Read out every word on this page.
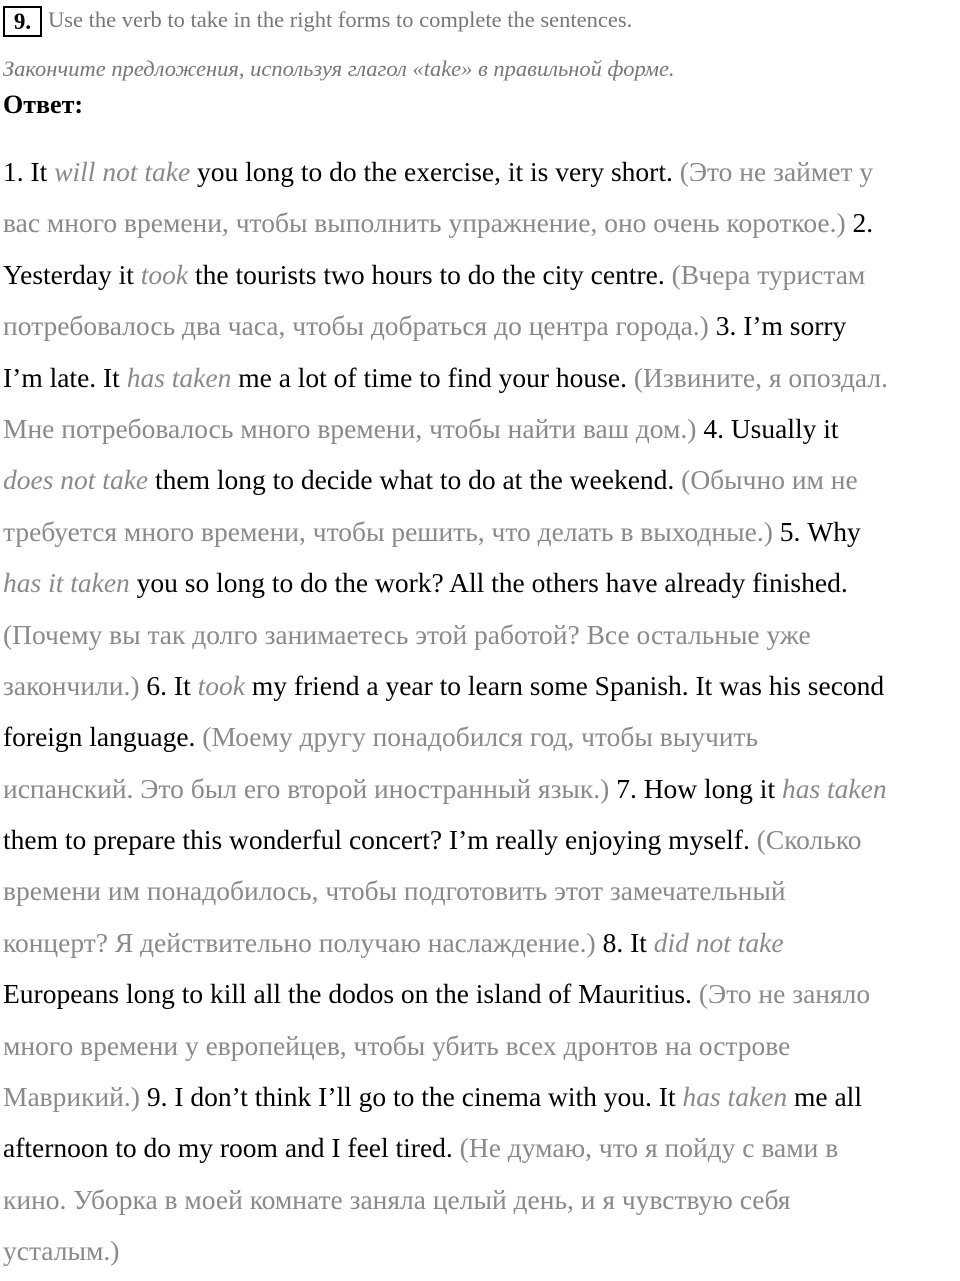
9. Use the verb to take in the right forms to complete the sentences.
Закончите предложения, используя глагол «take» в правильной форме.
Ответ:
1. It will not take you long to do the exercise, it is very short. (Это не займет у
вас много времени, чтобы выполнить упражнение, оно очень короткое.) 2.
Yesterday it took the tourists two hours to do the city centre. (Вчера туристам
потребовалось два часа, чтобы добраться до центра города.) 3. I’m sorry
I’m late. It has taken me a lot of time to find your house. (Извините, я опоздал.
Мне потребовалось много времени, чтобы найти ваш дом.) 4. Usually it
does not take them long to decide what to do at the weekend. (Обычно им не
требуется много времени, чтобы решить, что делать в выходные.) 5. Why
has it taken you so long to do the work? All the others have already finished.
(Почему вы так долго занимаетесь этой работой? Все остальные уже
закончили.) 6. It took my friend a year to learn some Spanish. It was his second
foreign language. (Моему другу понадобился год, чтобы выучить
испанский. Это был его второй иностранный язык.) 7. How long it has taken
them to prepare this wonderful concert? I’m really enjoying myself. (Сколько
времени им понадобилось, чтобы подготовить этот замечательный
концерт? Я действительно получаю наслаждение.) 8. It did not take
Europeans long to kill all the dodos on the island of Mauritius. (Это не заняло
много времени у европейцев, чтобы убить всех дронтов на острове
Маврикий.) 9. I don’t think I’ll go to the cinema with you. It has taken me all
afternoon to do my room and I feel tired. (Не думаю, что я пойду с вами в
кино. Уборка в моей комнате заняла целый день, и я чувствую себя
усталым.)
